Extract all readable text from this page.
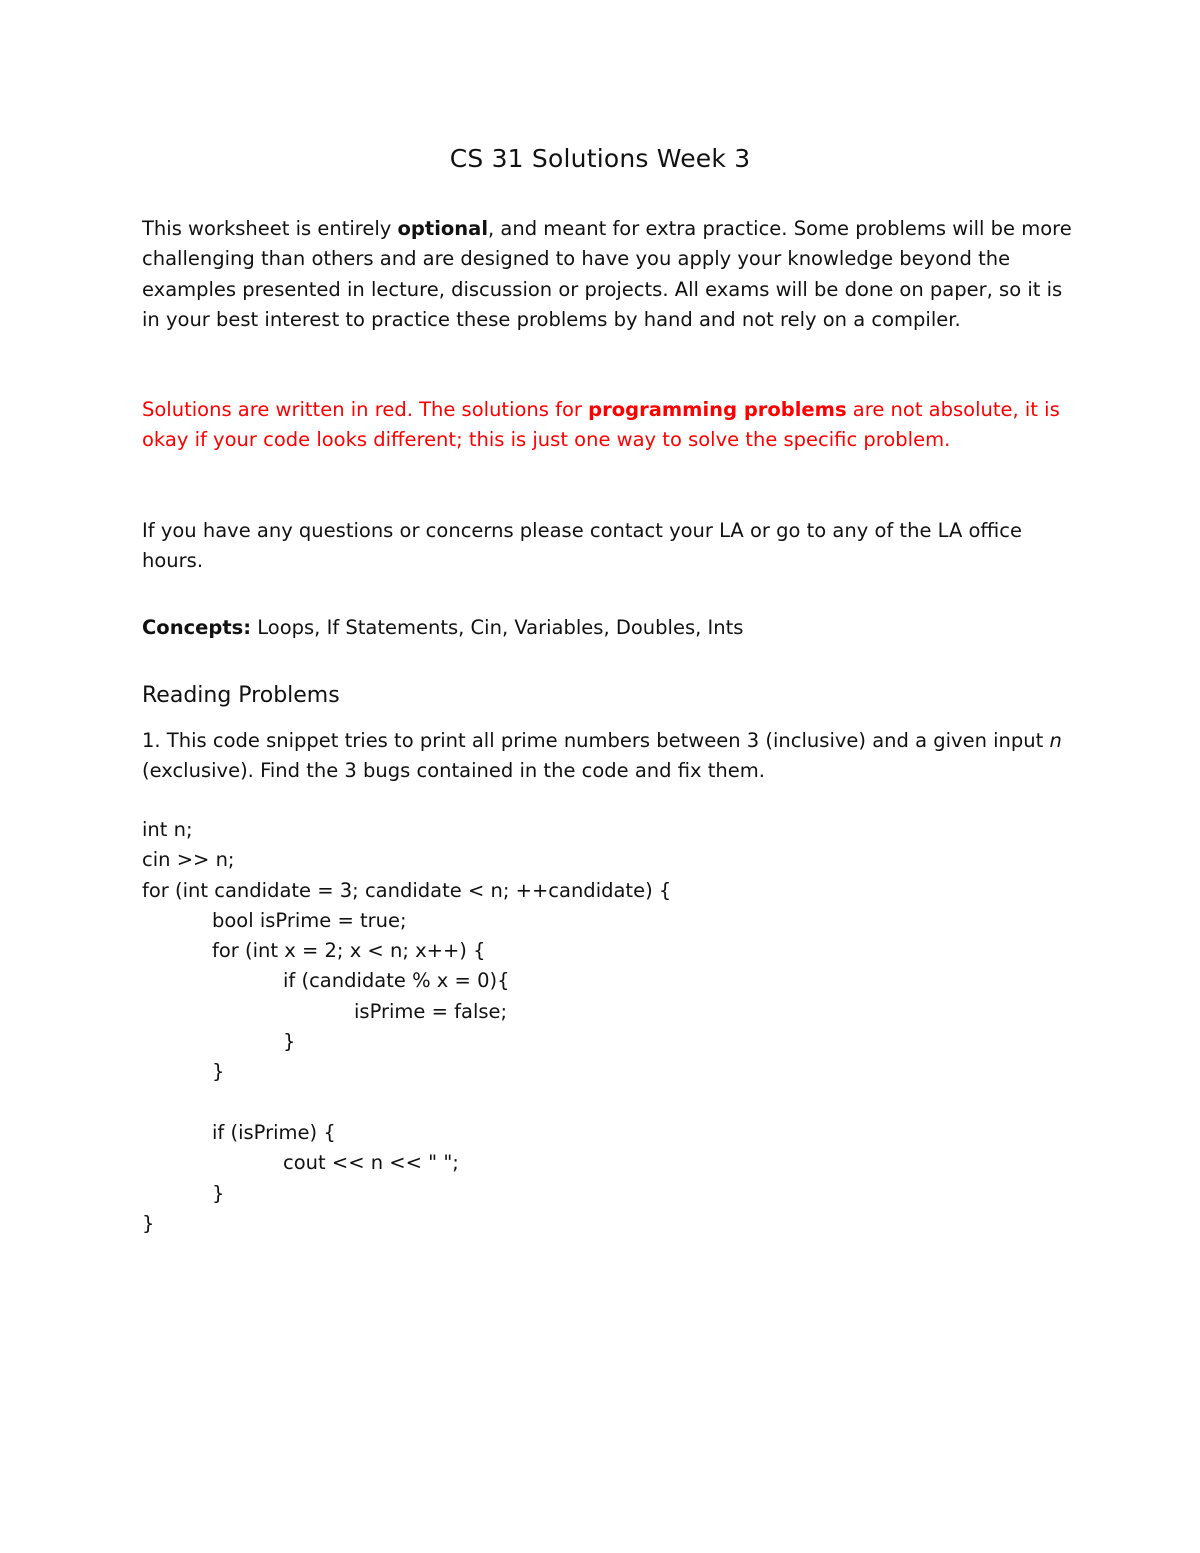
CS 31 Solutions Week 3

This worksheet is entirely optional, and meant for extra practice. Some problems will be more challenging than others and are designed to have you apply your knowledge beyond the examples presented in lecture, discussion or projects. All exams will be done on paper, so it is in your best interest to practice these problems by hand and not rely on a compiler.

Solutions are written in red. The solutions for programming problems are not absolute, it is okay if your code looks different; this is just one way to solve the specific problem.

If you have any questions or concerns please contact your LA or go to any of the LA office hours.

Concepts: Loops, If Statements, Cin, Variables, Doubles, Ints

Reading Problems

1. This code snippet tries to print all prime numbers between 3 (inclusive) and a given input n (exclusive). Find the 3 bugs contained in the code and fix them.

int n;
cin >> n;
for (int candidate = 3; candidate < n; ++candidate) {
bool isPrime = true;
for (int x = 2; x < n; x++) {
if (candidate % x = 0){
isPrime = false;
}
}
if (isPrime) {
cout << n << " ";
}
}
